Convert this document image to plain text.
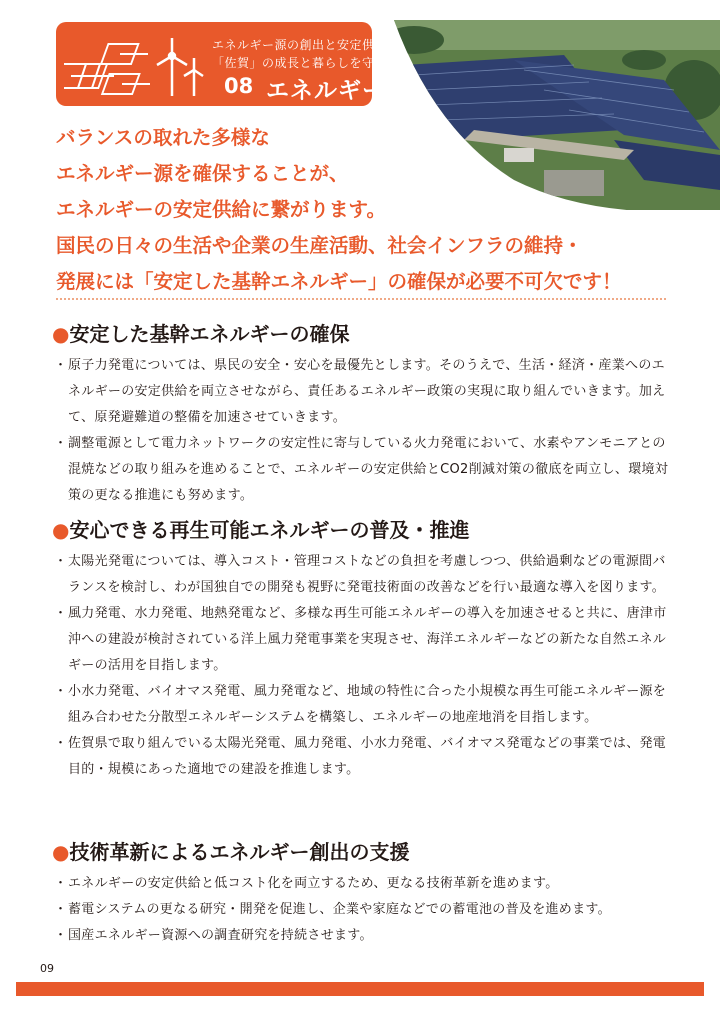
エネルギー源の創出と安定供給で
「佐賀」の成長と暮らしを守る。
08 エネルギー
バランスの取れた多様な
エネルギー源を確保することが、
エネルギーの安定供給に繋がります。
国民の日々の生活や企業の生産活動、社会インフラの維持・
発展には「安定した基幹エネルギー」の確保が必要不可欠です！
●安定した基幹エネルギーの確保
・ 原子力発電については、県民の安全・安心を最優先とします。そのうえで、生活・経済・産業へのエネルギーの安定供給を両立させながら、責任あるエネルギー政策の実現に取り組んでいきます。加えて、原発避難道の整備を加速させていきます。
・ 調整電源として電力ネットワークの安定性に寄与している火力発電において、水素やアンモニアとの混焼などの取り組みを進めることで、エネルギーの安定供給とCO2削減対策の徹底を両立し、環境対策の更なる推進にも努めます。
●安心できる再生可能エネルギーの普及・推進
・ 太陽光発電については、導入コスト・管理コストなどの負担を考慮しつつ、供給過剰などの電源間バランスを検討し、わが国独自での開発も視野に発電技術面の改善などを行い最適な導入を図ります。
・ 風力発電、水力発電、地熱発電など、多様な再生可能エネルギーの導入を加速させると共に、唐津市沖への建設が検討されている洋上風力発電事業を実現させ、海洋エネルギーなどの新たな自然エネルギーの活用を目指します。
・ 小水力発電、バイオマス発電、風力発電など、地域の特性に合った小規模な再生可能エネルギー源を組み合わせた分散型エネルギーシステムを構築し、エネルギーの地産地消を目指します。
・ 佐賀県で取り組んでいる太陽光発電、風力発電、小水力発電、バイオマス発電などの事業では、発電目的・規模にあった適地での建設を推進します。
●技術革新によるエネルギー創出の支援
・ エネルギーの安定供給と低コスト化を両立するため、更なる技術革新を進めます。
・ 蓄電システムの更なる研究・開発を促進し、企業や家庭などでの蓄電池の普及を進めます。
・ 国産エネルギー資源への調査研究を持続させます。
09
